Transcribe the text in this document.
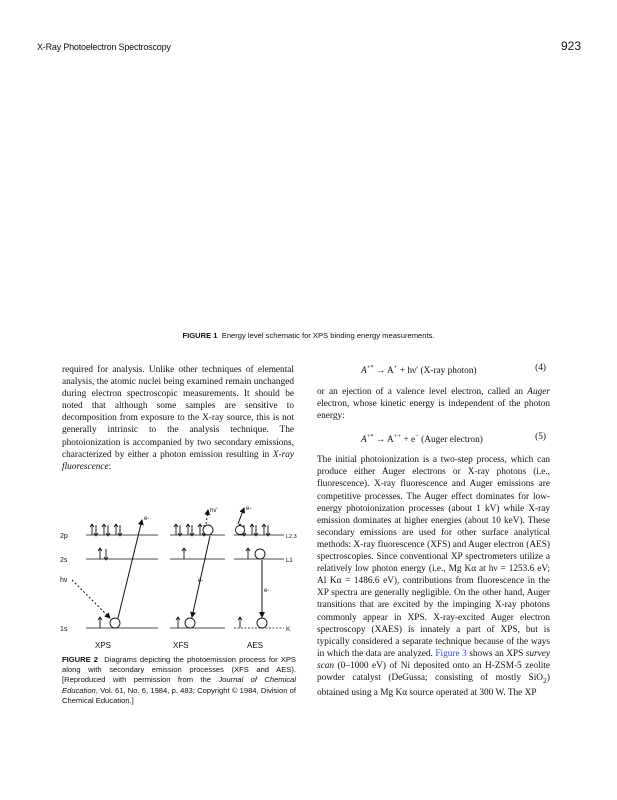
X-Ray Photoelectron Spectroscopy	923
FIGURE 1 Energy level schematic for XPS binding energy measurements.

required for analysis. Unlike other techniques of elemental analysis, the atomic nuclei being examined remain unchanged during electron spectroscopic measurements. It should be noted that although some samples are sensitive to decomposition from exposure to the X-ray source, this is not generally intrinsic to the analysis technique. The photoionization is accompanied by two secondary emissions, characterized by either a photon emission resulting in X-ray fluorescence:

2p
2s
hν
1s
L2,3
L1
K
e-
hν'
e-
e-
e-
XPS	XFS	AES
FIGURE 2 Diagrams depicting the photoemission process for XPS along with secondary emission processes (XFS and AES). [Reproduced with permission from the Journal of Chemical Education, Vol. 61, No. 6, 1984, p. 483; Copyright © 1984, Division of Chemical Education.]
A+* → A+ + hν′ (X-ray photon)	(4)

or an ejection of a valence level electron, called an Auger electron, whose kinetic energy is independent of the photon energy:

A+* → A++ + e− (Auger electron)	(5)

The initial photoionization is a two-step process, which can produce either Auger electrons or X-ray photons (i.e., fluorescence). X-ray fluorescence and Auger emissions are competitive processes. The Auger effect dominates for low-energy photoionization processes (about 1 kV) while X-ray emission dominates at higher energies (about 10 keV). These secondary emissions are used for other surface analytical methods: X-ray fluorescence (XFS) and Auger electron (AES) spectroscopies. Since conventional XP spectrometers utilize a relatively low photon energy (i.e., Mg Kα at hν = 1253.6 eV; Al Kα = 1486.6 eV), contributions from fluorescence in the XP spectra are generally negligible. On the other hand, Auger transitions that are excited by the impinging X-ray photons commonly appear in XPS. X-ray-excited Auger electron spectroscopy (XAES) is innately a part of XPS, but is typically considered a separate technique because of the ways in which the data are analyzed. Figure 3 shows an XPS survey scan (0–1000 eV) of Ni deposited onto an H-ZSM-5 zeolite powder catalyst (DeGussa; consisting of mostly SiO$_2$) obtained using a Mg Kα source operated at 300 W. The XP
